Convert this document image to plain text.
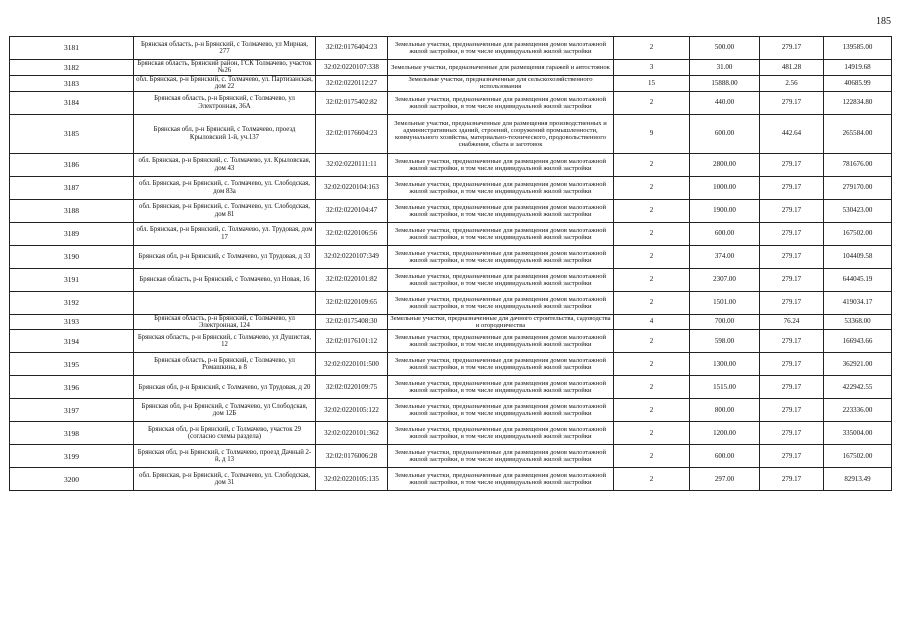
185
3181	Брянская область, р-н Брянский, с Толмачево, ул Мирная, 277	32:02:0176404:23	Земельные участки, предназначенные для размещения домов малоэтажной жилой застройки, в том числе индивидуальной жилой застройки	2	500.00	279.17	139585.00
3182	Брянская область, Брянский район, ГСК Толмачево, участок №26	32:02:0220107:338	Земельные участки, предназначенные для размещения гаражей и автостоянок	3	31.00	481.28	14919.68
3183	обл. Брянская, р-н Брянский, с. Толмачево, ул. Партизанская, дом 22	32:02:0220112:27	Земельные участки, предназначенные для сельскохозяйственного использования	15	15888.00	2.56	40685.99
3184	Брянская область, р-н Брянский, с Толмачево, ул Электронная, 36А	32:02:0175402:82	Земельные участки, предназначенные для размещения домов малоэтажной жилой застройки, в том числе индивидуальной жилой застройки	2	440.00	279.17	122834.80
3185	Брянская обл, р-н Брянский, с Толмачево, проезд Крыловский 1-й, уч.137	32:02:0176604:23	Земельные участки, предназначенные для размещения производственных и административных зданий, строений, сооружений промышленности, коммунального хозяйства, материально-технического, продовольственного снабжения, сбыта и заготовок	9	600.00	442.64	265584.00
3186	обл. Брянская, р-н Брянский, с. Толмачево, ул. Крыловская, дом 43	32:02:0220111:11	Земельные участки, предназначенные для размещения домов малоэтажной жилой застройки, в том числе индивидуальной жилой застройки	2	2800.00	279.17	781676.00
3187	обл. Брянская, р-н Брянский, с. Толмачево, ул. Слободская, дом 83а	32:02:0220104:163	Земельные участки, предназначенные для размещения домов малоэтажной жилой застройки, в том числе индивидуальной жилой застройки	2	1000.00	279.17	279170.00
3188	обл. Брянская, р-н Брянский, с. Толмачево, ул. Слободская, дом 81	32:02:0220104:47	Земельные участки, предназначенные для размещения домов малоэтажной жилой застройки, в том числе индивидуальной жилой застройки	2	1900.00	279.17	530423.00
3189	обл. Брянская, р-н Брянский, с. Толмачево, ул. Трудовая, дом 17	32:02:0220106:56	Земельные участки, предназначенные для размещения домов малоэтажной жилой застройки, в том числе индивидуальной жилой застройки	2	600.00	279.17	167502.00
3190	Брянская обл, р-н Брянский, с Толмачево, ул Трудовая, д 33	32:02:0220107:349	Земельные участки, предназначенные для размещения домов малоэтажной жилой застройки, в том числе индивидуальной жилой застройки	2	374.00	279.17	104409.58
3191	Брянская область, р-н Брянский, с Толмачево, ул Новая, 16	32:02:0220101:82	Земельные участки, предназначенные для размещения домов малоэтажной жилой застройки, в том числе индивидуальной жилой застройки	2	2307.00	279.17	644045.19
3192		32:02:0220109:65	Земельные участки, предназначенные для размещения домов малоэтажной жилой застройки, в том числе индивидуальной жилой застройки	2	1501.00	279.17	419034.17
3193	Брянская область, р-н Брянский, с Толмачево, ул Электронная, 124	32:02:0175408:30	Земельные участки, предназначенные для дачного строительства, садоводства и огородничества	4	700.00	76.24	53368.00
3194	Брянская область, р-н Брянский, с Толмачево, ул Душистая, 12	32:02:0176101:12	Земельные участки, предназначенные для размещения домов малоэтажной жилой застройки, в том числе индивидуальной жилой застройки	2	598.00	279.17	166943.66
3195	Брянская область, р-н Брянский, с Толмачево, ул Ромашкина, в 8	32:02:0220101:500	Земельные участки, предназначенные для размещения домов малоэтажной жилой застройки, в том числе индивидуальной жилой застройки	2	1300.00	279.17	362921.00
3196	Брянская обл, р-н Брянский, с Толмачево, ул Трудовая, д 20	32:02:0220109:75	Земельные участки, предназначенные для размещения домов малоэтажной жилой застройки, в том числе индивидуальной жилой застройки	2	1515.00	279.17	422942.55
3197	Брянская обл, р-н Брянский, с Толмачево, ул Слободская, дом 12Б	32:02:0220105:122	Земельные участки, предназначенные для размещения домов малоэтажной жилой застройки, в том числе индивидуальной жилой застройки	2	800.00	279.17	223336.00
3198	Брянская обл, р-н Брянский, с Толмачево, участок 29 (согласно схемы раздела)	32:02:0220101:362	Земельные участки, предназначенные для размещения домов малоэтажной жилой застройки, в том числе индивидуальной жилой застройки	2	1200.00	279.17	335004.00
3199	Брянская обл, р-н Брянский, с Толмачево, проезд Дачный 2-й, д 13	32:02:0176006:28	Земельные участки, предназначенные для размещения домов малоэтажной жилой застройки, в том числе индивидуальной жилой застройки	2	600.00	279.17	167502.00
3200	обл. Брянская, р-н Брянский, с. Толмачево, ул. Слободская, дом 31	32:02:0220105:135	Земельные участки, предназначенные для размещения домов малоэтажной жилой застройки, в том числе индивидуальной жилой застройки	2	297.00	279.17	82913.49
